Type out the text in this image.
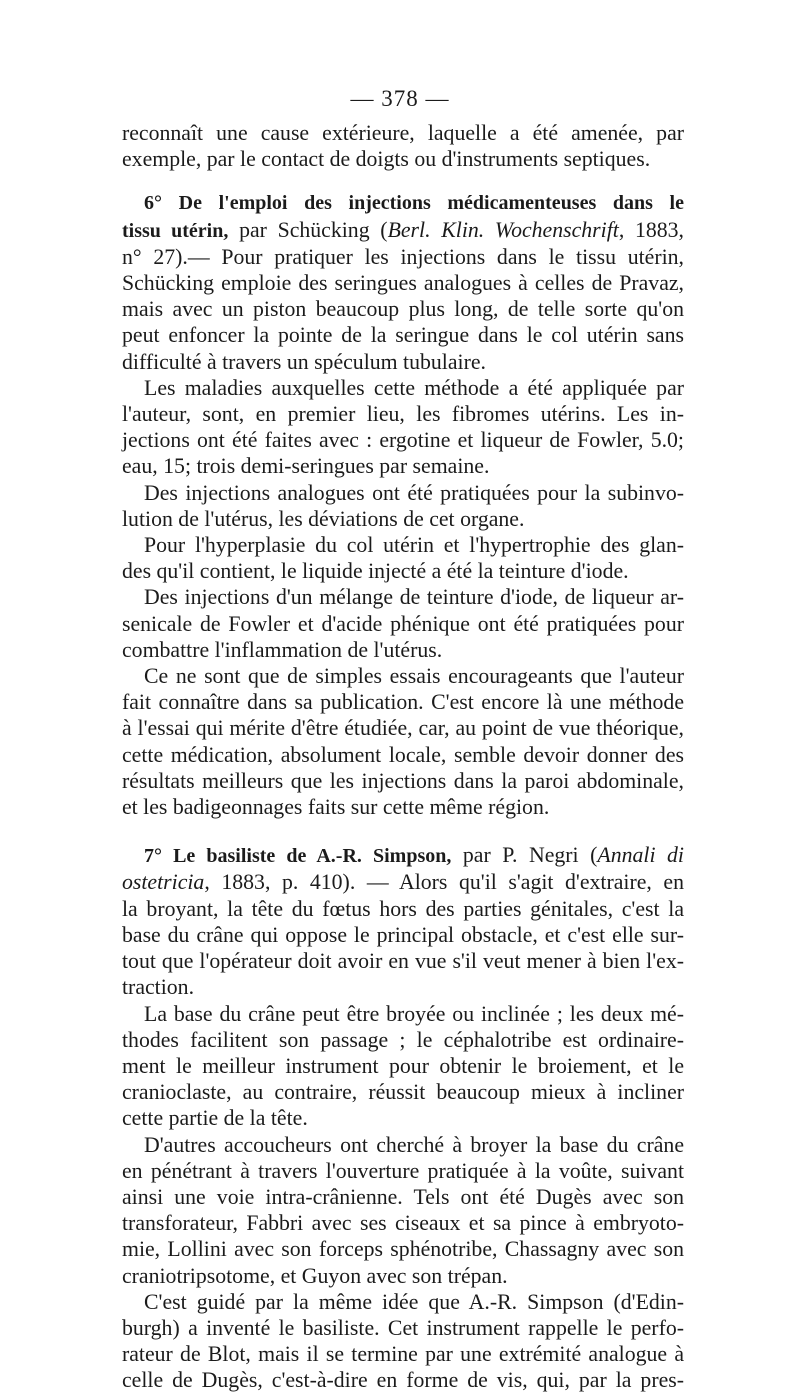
— 378 —
reconnaît une cause extérieure, laquelle a été amenée, par
exemple, par le contact de doigts ou d'instruments septiques.
6° De l'emploi des injections médicamenteuses dans le
tissu utérin, par Schücking (Berl. Klin. Wochenschrift, 1883,
n° 27).— Pour pratiquer les injections dans le tissu utérin,
Schücking emploie des seringues analogues à celles de Pravaz,
mais avec un piston beaucoup plus long, de telle sorte qu'on
peut enfoncer la pointe de la seringue dans le col utérin sans
difficulté à travers un spéculum tubulaire.
Les maladies auxquelles cette méthode a été appliquée par
l'auteur, sont, en premier lieu, les fibromes utérins. Les in-
jections ont été faites avec : ergotine et liqueur de Fowler, 5.0;
eau, 15; trois demi-seringues par semaine.
Des injections analogues ont été pratiquées pour la subinvo-
lution de l'utérus, les déviations de cet organe.
Pour l'hyperplasie du col utérin et l'hypertrophie des glan-
des qu'il contient, le liquide injecté a été la teinture d'iode.
Des injections d'un mélange de teinture d'iode, de liqueur ar-
senicale de Fowler et d'acide phénique ont été pratiquées pour
combattre l'inflammation de l'utérus.
Ce ne sont que de simples essais encourageants que l'auteur
fait connaître dans sa publication. C'est encore là une méthode
à l'essai qui mérite d'être étudiée, car, au point de vue théorique,
cette médication, absolument locale, semble devoir donner des
résultats meilleurs que les injections dans la paroi abdominale,
et les badigeonnages faits sur cette même région.
7° Le basiliste de A.-R. Simpson, par P. Negri (Annali di
ostetricia, 1883, p. 410). — Alors qu'il s'agit d'extraire, en
la broyant, la tête du fœtus hors des parties génitales, c'est la
base du crâne qui oppose le principal obstacle, et c'est elle sur-
tout que l'opérateur doit avoir en vue s'il veut mener à bien l'ex-
traction.
La base du crâne peut être broyée ou inclinée ; les deux mé-
thodes facilitent son passage ; le céphalotribe est ordinaire-
ment le meilleur instrument pour obtenir le broiement, et le
cranioclaste, au contraire, réussit beaucoup mieux à incliner
cette partie de la tête.
D'autres accoucheurs ont cherché à broyer la base du crâne
en pénétrant à travers l'ouverture pratiquée à la voûte, suivant
ainsi une voie intra-crânienne. Tels ont été Dugès avec son
transforateur, Fabbri avec ses ciseaux et sa pince à embryoto-
mie, Lollini avec son forceps sphénotribe, Chassagny avec son
craniotripsotome, et Guyon avec son trépan.
C'est guidé par la même idée que A.-R. Simpson (d'Edin-
burgh) a inventé le basiliste. Cet instrument rappelle le perfo-
rateur de Blot, mais il se termine par une extrémité analogue à
celle de Dugès, c'est-à-dire en forme de vis, qui, par la pres-
